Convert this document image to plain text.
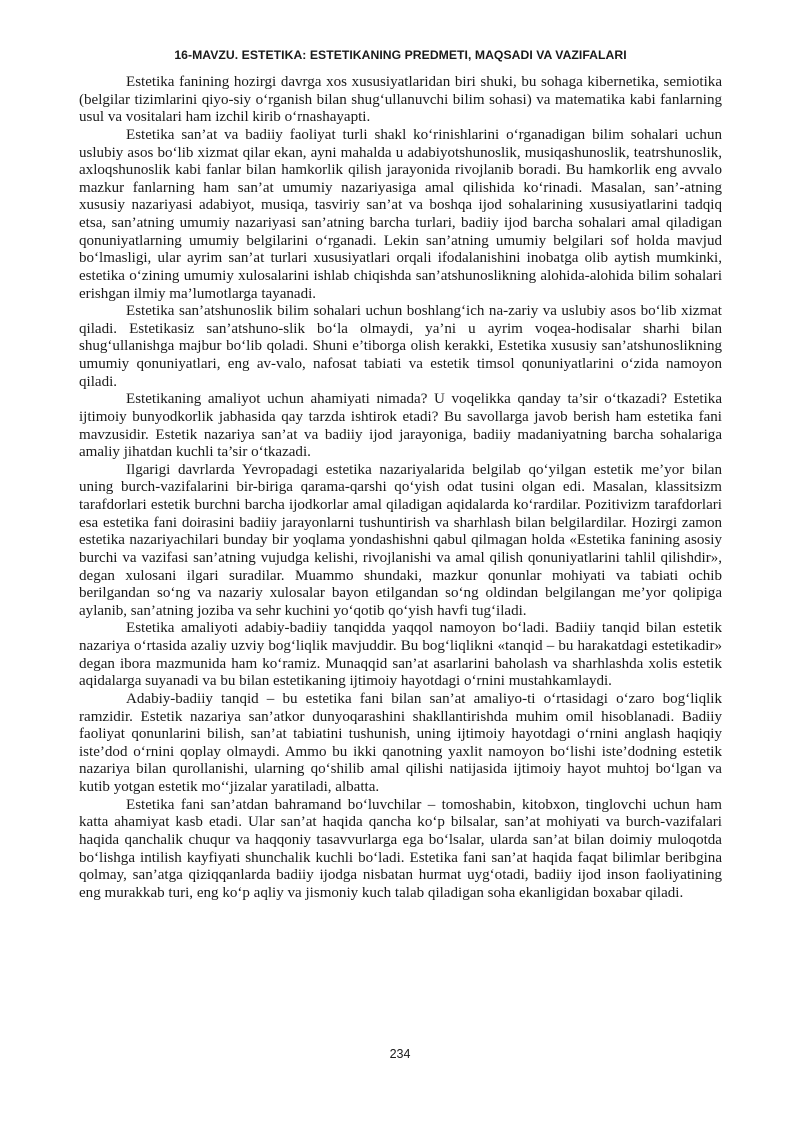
16-MAVZU. ESTETIKA: ESTETIKANING PREDMETI, MAQSADI VA VAZIFALARI

Estetika fanining hozirgi davrga xos xususiyatlaridan biri shuki, bu sohaga kibernetika, semiotika (belgilar tizimlarini qiyo-siy o‘rganish bilan shug‘ullanuvchi bilim sohasi) va matematika kabi fanlarning usul va vositalari ham izchil kirib o‘rnashayapti.

Estetika san’at va badiiy faoliyat turli shakl ko‘rinishlarini o‘rganadigan bilim sohalari uchun uslubiy asos bo‘lib xizmat qilar ekan, ayni mahalda u adabiyotshunoslik, musiqashunoslik, teatrshunoslik, axloqshunoslik kabi fanlar bilan hamkorlik qilish jarayonida rivojlanib boradi. Bu hamkorlik eng avvalo mazkur fanlarning ham san’at umumiy nazariyasiga amal qilishida ko‘rinadi. Masalan, san’-atning xususiy nazariyasi adabiyot, musiqa, tasviriy san’at va boshqa ijod sohalarining xususiyatlarini tadqiq etsa, san’atning umumiy nazariyasi san’atning barcha turlari, badiiy ijod barcha sohalari amal qiladigan qonuniyatlarning umumiy belgilarini o‘rganadi. Lekin san’atning umumiy belgilari sof holda mavjud bo‘lmasligi, ular ayrim san’at turlari xususiyatlari orqali ifodalanishini inobatga olib aytish mumkinki, estetika o‘zining umumiy xulosalarini ishlab chiqishda san’atshunoslikning alohida-alohida bilim sohalari erishgan ilmiy ma’lumotlarga tayanadi.

Estetika san’atshunoslik bilim sohalari uchun boshlang‘ich na-zariy va uslubiy asos bo‘lib xizmat qiladi. Estetikasiz san’atshuno-slik bo‘la olmaydi, ya’ni u ayrim voqea-hodisalar sharhi bilan shug‘ullanishga majbur bo‘lib qoladi. Shuni e’tiborga olish kerakki, Estetika xususiy san’atshunoslikning umumiy qonuniyatlari, eng av-valo, nafosat tabiati va estetik timsol qonuniyatlarini o‘zida namoyon qiladi.

Estetikaning amaliyot uchun ahamiyati nimada? U voqelikka qanday ta’sir o‘tkazadi? Estetika ijtimoiy bunyodkorlik jabhasida qay tarzda ishtirok etadi? Bu savollarga javob berish ham estetika fani mavzusidir. Estetik nazariya san’at va badiiy ijod jarayoniga, badiiy madaniyatning barcha sohalariga amaliy jihatdan kuchli ta’sir o‘tkazadi.

Ilgarigi davrlarda Yevropadagi estetika nazariyalarida belgilab qo‘yilgan estetik me’yor bilan uning burch-vazifalarini bir-biriga qarama-qarshi qo‘yish odat tusini olgan edi. Masalan, klassitsizm tarafdorlari estetik burchni barcha ijodkorlar amal qiladigan aqidalarda ko‘rardilar. Pozitivizm tarafdorlari esa estetika fani doirasini badiiy jarayonlarni tushuntirish va sharhlash bilan belgilardilar. Hozirgi zamon estetika nazariyachilari bunday bir yoqlama yondashishni qabul qilmagan holda «Estetika fanining asosiy burchi va vazifasi san’atning vujudga kelishi, rivojlanishi va amal qilish qonuniyatlarini tahlil qilishdir», degan xulosani ilgari suradilar. Muammo shundaki, mazkur qonunlar mohiyati va tabiati ochib berilgandan so‘ng va nazariy xulosalar bayon etilgandan so‘ng oldindan belgilangan me’yor qolipiga aylanib, san’atning joziba va sehr kuchini yo‘qotib qo‘yish havfi tug‘iladi.

Estetika amaliyoti adabiy-badiiy tanqidda yaqqol namoyon bo‘ladi. Badiiy tanqid bilan estetik nazariya o‘rtasida azaliy uzviy bog‘liqlik mavjuddir. Bu bog‘liqlikni «tanqid – bu harakatdagi estetikadir» degan ibora mazmunida ham ko‘ramiz. Munaqqid san’at asarlarini baholash va sharhlashda xolis estetik aqidalarga suyanadi va bu bilan estetikaning ijtimoiy hayotdagi o‘rnini mustahkamlaydi.

Adabiy-badiiy tanqid – bu estetika fani bilan san’at amaliyo-ti o‘rtasidagi o‘zaro bog‘liqlik ramzidir. Estetik nazariya san’atkor dunyoqarashini shakllantirishda muhim omil hisoblanadi. Badiiy faoliyat qonunlarini bilish, san’at tabiatini tushunish, uning ijtimoiy hayotdagi o‘rnini anglash haqiqiy iste’dod o‘rnini qoplay olmaydi. Ammo bu ikki qanotning yaxlit namoyon bo‘lishi iste’dodning estetik nazariya bilan qurollanishi, ularning qo‘shilib amal qilishi natijasida ijtimoiy hayot muhtoj bo‘lgan va kutib yotgan estetik mo‘‘jizalar yaratiladi, albatta.

Estetika fani san’atdan bahramand bo‘luvchilar – tomoshabin, kitobxon, tinglovchi uchun ham katta ahamiyat kasb etadi. Ular san’at haqida qancha ko‘p bilsalar, san’at mohiyati va burch-vazifalari haqida qanchalik chuqur va haqqoniy tasavvurlarga ega bo‘lsalar, ularda san’at bilan doimiy muloqotda bo‘lishga intilish kayfiyati shunchalik kuchli bo‘ladi. Estetika fani san’at haqida faqat bilimlar beribgina qolmay, san’atga qiziqqanlarda badiiy ijodga nisbatan hurmat uyg‘otadi, badiiy ijod inson faoliyatining eng murakkab turi, eng ko‘p aqliy va jismoniy kuch talab qiladigan soha ekanligidan boxabar qiladi.

234
